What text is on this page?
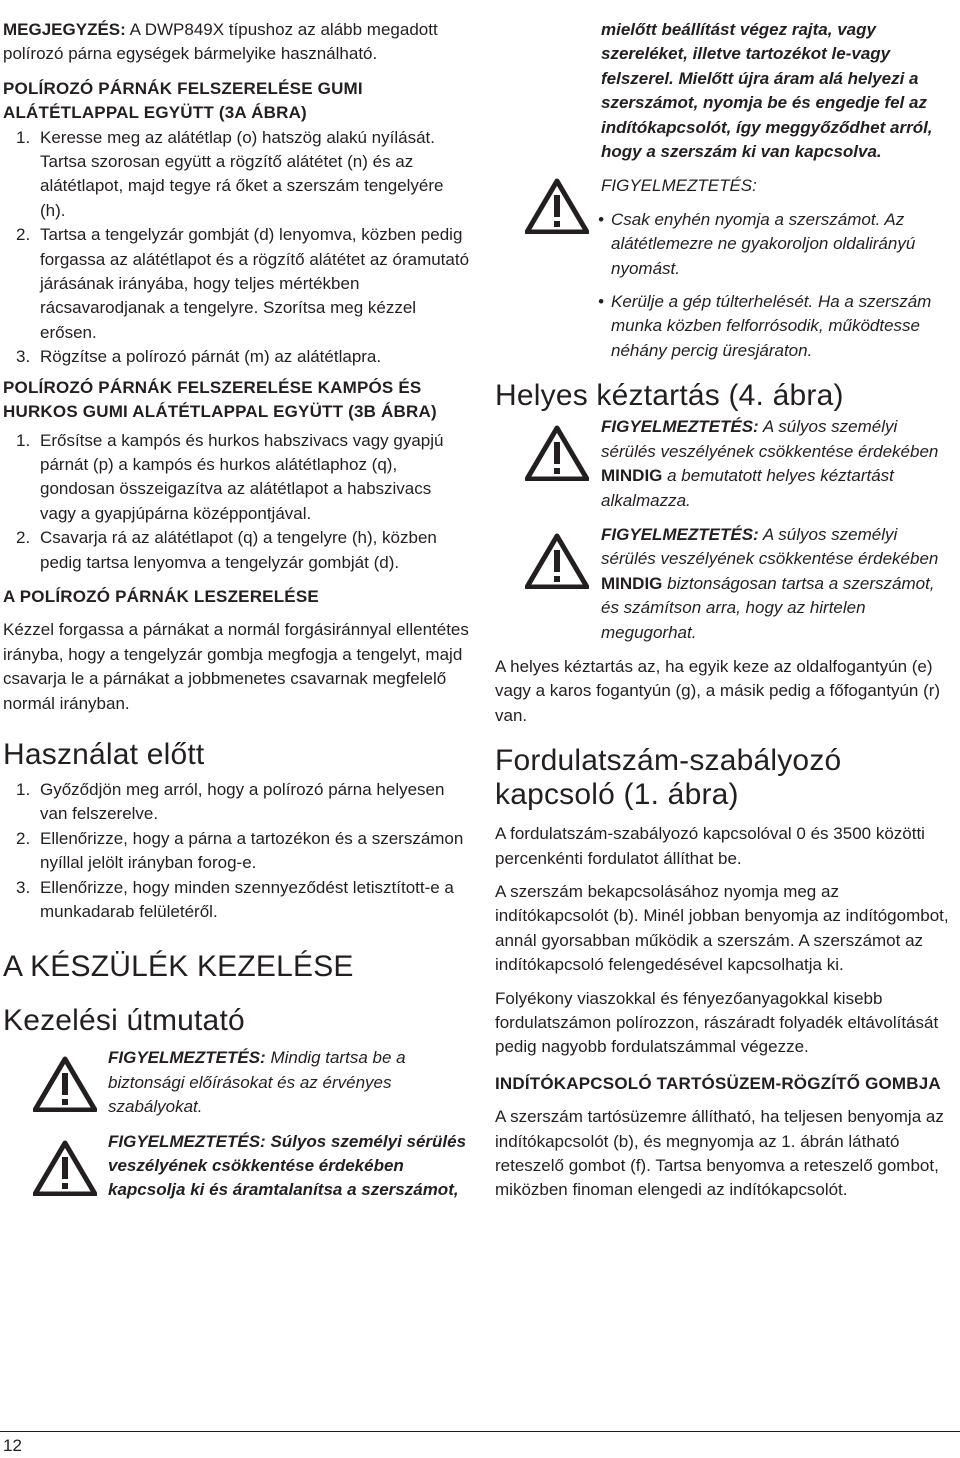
MEGJEGYZÉS: A DWP849X típushoz az alább megadott polírozó párna egységek bármelyike használható.

POLÍROZÓ PÁRNÁK FELSZERELÉSE GUMI ALÁTÉTLAPPAL EGYÜTT (3A ÁBRA)

1. Keresse meg az alátétlap (o) hatszög alakú nyílását. Tartsa szorosan együtt a rögzítő alátétet (n) és az alátétlapot, majd tegye rá őket a szerszám tengelyére (h).
2. Tartsa a tengelyzár gombját (d) lenyomva, közben pedig forgassa az alátétlapot és a rögzítő alátétet az óramutató járásának irányába, hogy teljes mértékben rácsavarodjanak a tengelyre. Szorítsa meg kézzel erősen.
3. Rögzítse a polírozó párnát (m) az alátétlapra.

POLÍROZÓ PÁRNÁK FELSZERELÉSE KAMPÓS ÉS HURKOS GUMI ALÁTÉTLAPPAL EGYÜTT (3B ÁBRA)

1. Erősítse a kampós és hurkos habszivacs vagy gyapjú párnát (p) a kampós és hurkos alátétlaphoz (q), gondosan összeigazítva az alátétlapot a habszivacs vagy a gyapjúpárna középpontjával.
2. Csavarja rá az alátétlapot (q) a tengelyre (h), közben pedig tartsa lenyomva a tengelyzár gombját (d).

A POLÍROZÓ PÁRNÁK LESZERELÉSE

Kézzel forgassa a párnákat a normál forgásiránnyal ellentétes irányba, hogy a tengelyzár gombja megfogja a tengelyt, majd csavarja le a párnákat a jobbmenetes csavarnak megfelelő normál irányban.

Használat előtt
1. Győződjön meg arról, hogy a polírozó párna helyesen van felszerelve.
2. Ellenőrizze, hogy a párna a tartozékon és a szerszámon nyíllal jelölt irányban forog-e.
3. Ellenőrizze, hogy minden szennyeződést letisztított-e a munkadarab felületéről.
A KÉSZÜLÉK KEZELÉSE
Kezelési útmutató
FIGYELMEZTETÉS: Mindig tartsa be a biztonsági előírásokat és az érvényes szabályokat.
FIGYELMEZTETÉS: Súlyos személyi sérülés veszélyének csökkentése érdekében kapcsolja ki és áramtalanítsa a szerszámot,
mielőtt beállítást végez rajta, vagy szereléket, illetve tartozékot le-vagy felszerel. Mielőtt újra áram alá helyezi a szerszámot, nyomja be és engedje fel az indítókapcsolót, így meggyőződhet arról, hogy a szerszám ki van kapcsolva.
FIGYELMEZTETÉS:
• Csak enyhén nyomja a szerszámot. Az alátétlemezre ne gyakoroljon oldalirányú nyomást.
• Kerülje a gép túlterhelését. Ha a szerszám munka közben felforrósodik, működtesse néhány percig üresjáraton.
Helyes kéztartás (4. ábra)
FIGYELMEZTETÉS: A súlyos személyi sérülés veszélyének csökkentése érdekében MINDIG a bemutatott helyes kéztartást alkalmazza.
FIGYELMEZTETÉS: A súlyos személyi sérülés veszélyének csökkentése érdekében MINDIG biztonságosan tartsa a szerszámot, és számítson arra, hogy az hirtelen megugorhat.

A helyes kéztartás az, ha egyik keze az oldalfogantyún (e) vagy a karos fogantyún (g), a másik pedig a főfogantyún (r) van.

Fordulatszám-szabályozó kapcsoló (1. ábra)

A fordulatszám-szabályozó kapcsolóval 0 és 3500 közötti percenkénti fordulatot állíthat be.

A szerszám bekapcsolásához nyomja meg az indítókapcsolót (b). Minél jobban benyomja az indítógombot, annál gyorsabban működik a szerszám. A szerszámot az indítókapcsoló felengedésével kapcsolhatja ki.

Folyékony viaszokkal és fényezőanyagokkal kisebb fordulatszámon polírozzon, rászáradt folyadék eltávolítását pedig nagyobb fordulatszámmal végezze.

INDÍTÓKAPCSOLÓ TARTÓSÜZEM-RÖGZÍTŐ GOMBJA

A szerszám tartósüzemre állítható, ha teljesen benyomja az indítókapcsolót (b), és megnyomja az 1. ábrán látható reteszelő gombot (f). Tartsa benyomva a reteszelő gombot, miközben finoman elengedi az indítókapcsolót.

12
